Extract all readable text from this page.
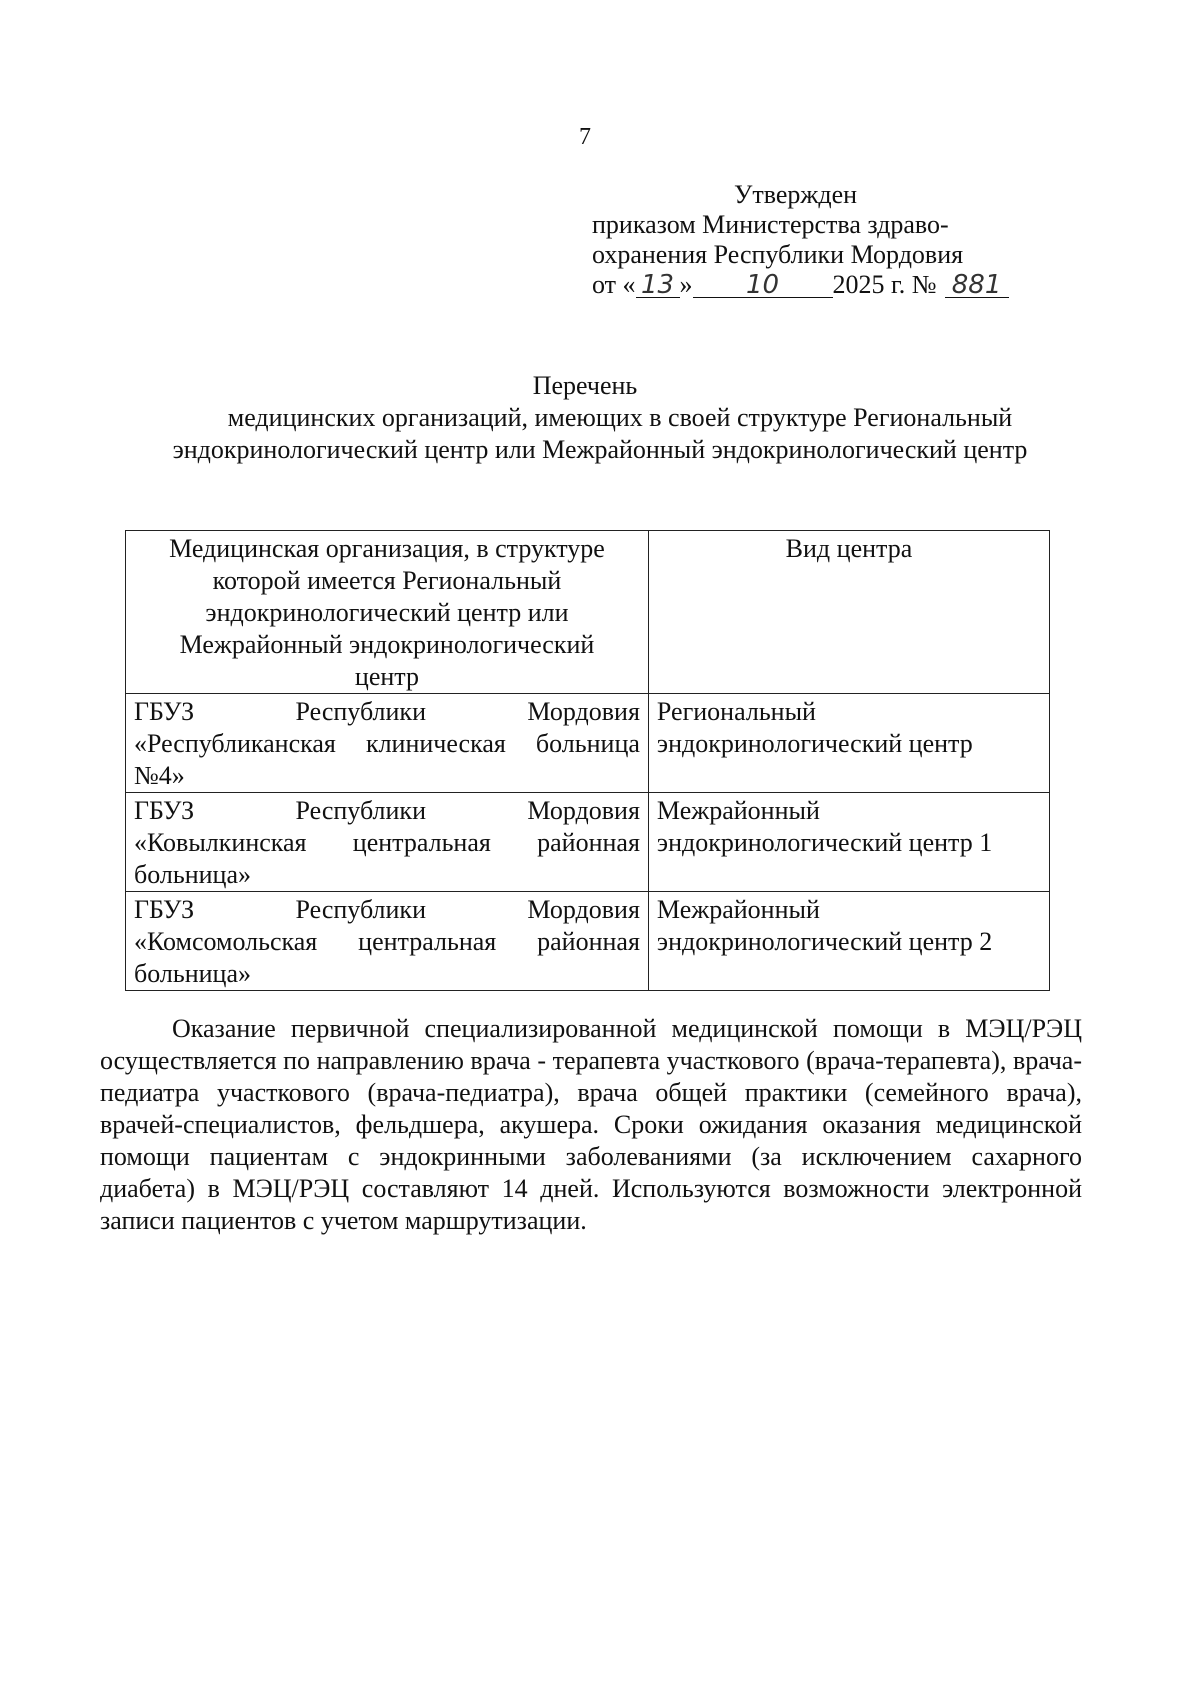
7
Утвержден
приказом Министерства здраво-
охранения Республики Мордовия
от « 13 »	10	2025 г. № 881
Перечень
медицинских организаций, имеющих в своей структуре Региональный
эндокринологический центр или Межрайонный эндокринологический центр
Медицинская организация, в структуре которой имеется Региональный эндокринологический центр или Межрайонный эндокринологический центр	Вид центра

ГБУЗ Республики Мордовия
«Республиканская клиническая больница №4»	Региональный эндокринологический центр

ГБУЗ Республики Мордовия
«Ковылкинская центральная районная больница»	Межрайонный эндокринологический центр 1

ГБУЗ Республики Мордовия
«Комсомольская центральная районная больница»	Межрайонный эндокринологический центр 2
Оказание первичной специализированной медицинской помощи в МЭЦ/РЭЦ осуществляется по направлению врача - терапевта участкового (врача-терапевта), врача-педиатра участкового (врача-педиатра), врача общей практики (семейного врача), врачей-специалистов, фельдшера, акушера. Сроки ожидания оказания медицинской помощи пациентам с эндокринными заболеваниями (за исключением сахарного диабета) в МЭЦ/РЭЦ составляют 14 дней. Используются возможности электронной записи пациентов с учетом маршрутизации.
